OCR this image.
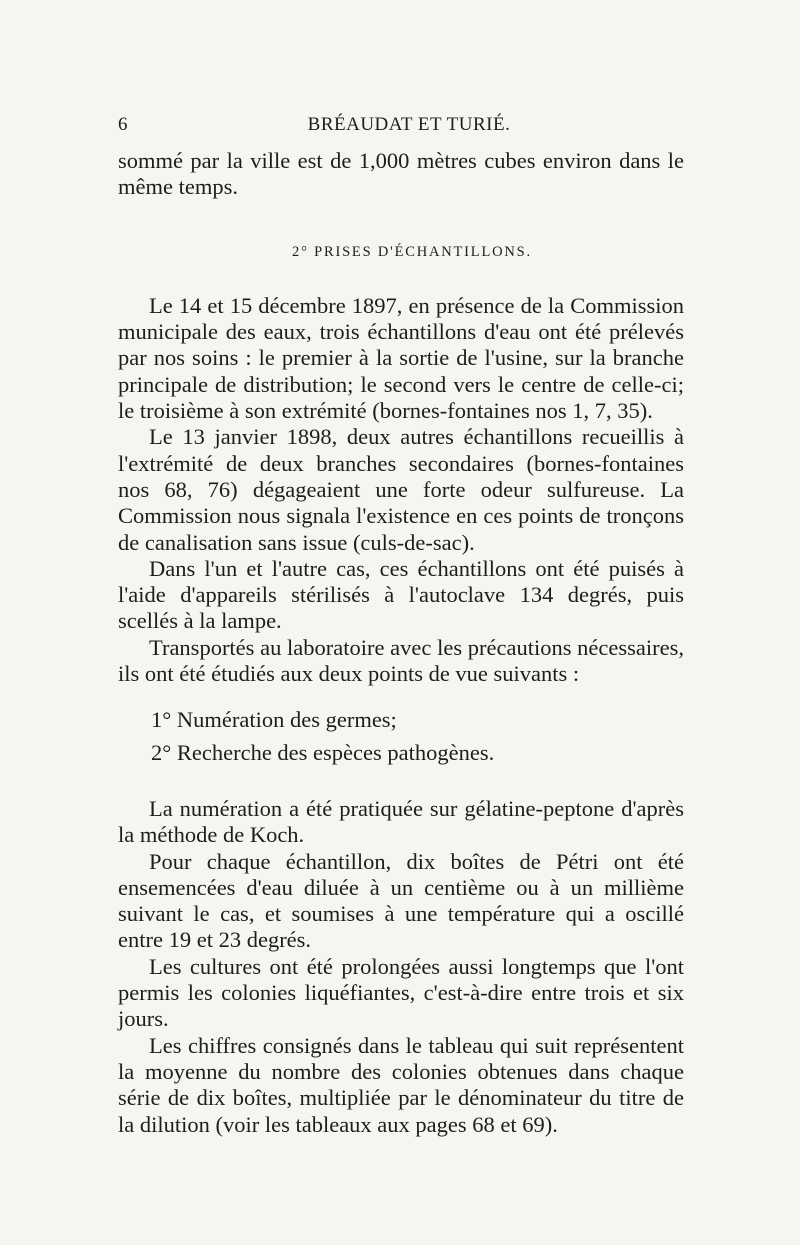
6	BRÉAUDAT ET TURIÉ.

sommé par la ville est de 1,000 mètres cubes environ dans le même temps.

2° PRISES D'ÉCHANTILLONS.

Le 14 et 15 décembre 1897, en présence de la Commission municipale des eaux, trois échantillons d'eau ont été prélevés par nos soins : le premier à la sortie de l'usine, sur la branche principale de distribution; le second vers le centre de celle-ci; le troisième à son extrémité (bornes-fontaines nos 1, 7, 35).

Le 13 janvier 1898, deux autres échantillons recueillis à l'extrémité de deux branches secondaires (bornes-fontaines nos 68, 76) dégageaient une forte odeur sulfureuse. La Commission nous signala l'existence en ces points de tronçons de canalisation sans issue (culs-de-sac).

Dans l'un et l'autre cas, ces échantillons ont été puisés à l'aide d'appareils stérilisés à l'autoclave 134 degrés, puis scellés à la lampe.

Transportés au laboratoire avec les précautions nécessaires, ils ont été étudiés aux deux points de vue suivants :

1° Numération des germes;
2° Recherche des espèces pathogènes.

La numération a été pratiquée sur gélatine-peptone d'après la méthode de Koch.

Pour chaque échantillon, dix boîtes de Pétri ont été ensemencées d'eau diluée à un centième ou à un millième suivant le cas, et soumises à une température qui a oscillé entre 19 et 23 degrés.

Les cultures ont été prolongées aussi longtemps que l'ont permis les colonies liquéfiantes, c'est-à-dire entre trois et six jours.

Les chiffres consignés dans le tableau qui suit représentent la moyenne du nombre des colonies obtenues dans chaque série de dix boîtes, multipliée par le dénominateur du titre de la dilution (voir les tableaux aux pages 68 et 69).
